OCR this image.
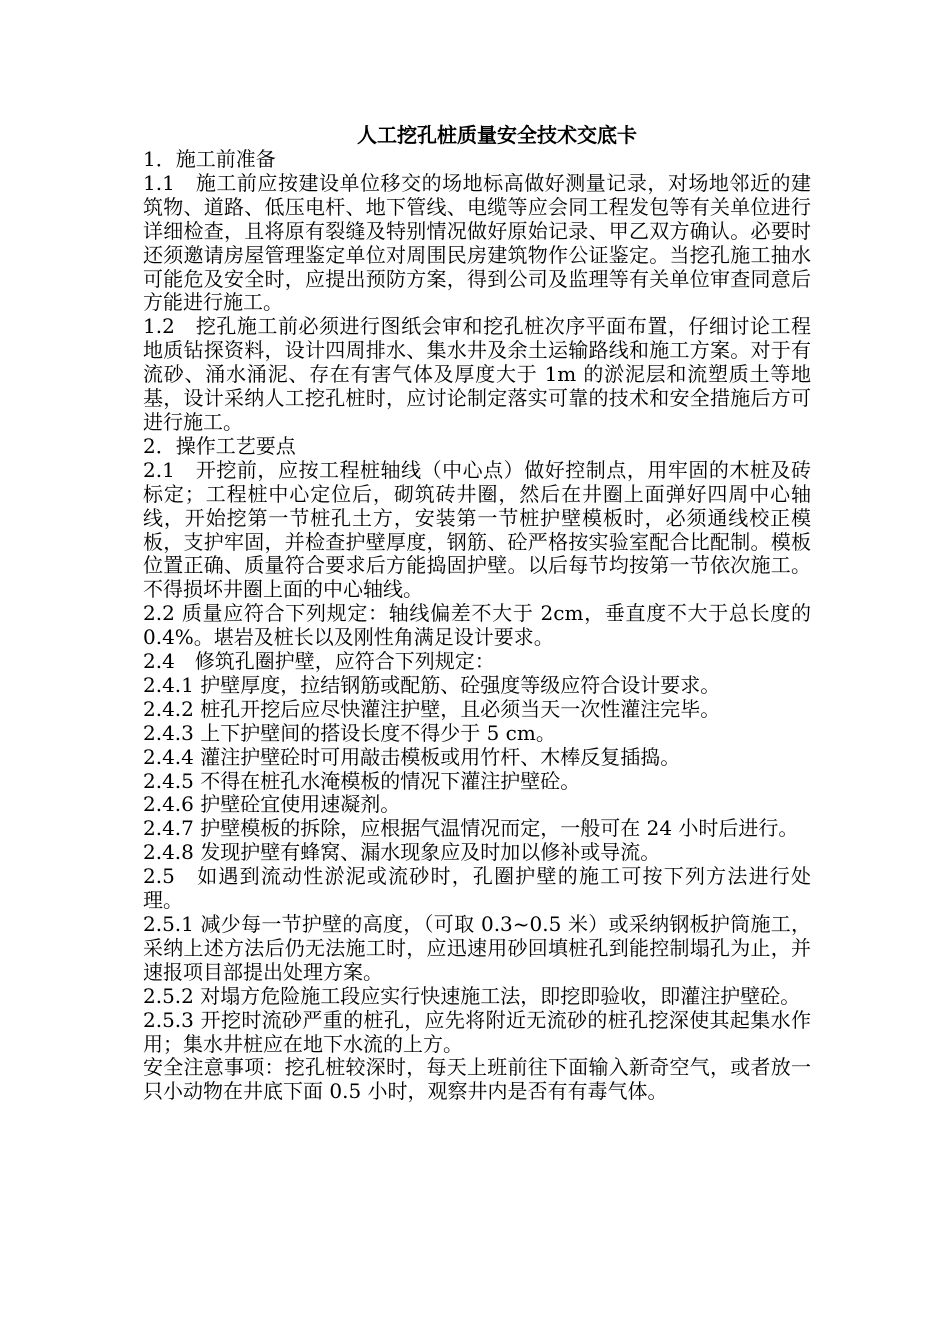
人工挖孔桩质量安全技术交底卡

1．施工前准备

1.1　施工前应按建设单位移交的场地标高做好测量记录，对场地邻近的建筑物、道路、低压电杆、地下管线、电缆等应会同工程发包等有关单位进行详细检查，且将原有裂缝及特别情况做好原始记录、甲乙双方确认。必要时还须邀请房屋管理鉴定单位对周围民房建筑物作公证鉴定。当挖孔施工抽水可能危及安全时，应提出预防方案，得到公司及监理等有关单位审查同意后方能进行施工。

1.2　挖孔施工前必须进行图纸会审和挖孔桩次序平面布置，仔细讨论工程地质钻探资料，设计四周排水、集水井及余土运输路线和施工方案。对于有流砂、涌水涌泥、存在有害气体及厚度大于 1m 的淤泥层和流塑质土等地基，设计采纳人工挖孔桩时，应讨论制定落实可靠的技术和安全措施后方可进行施工。

2．操作工艺要点

2.1　开挖前，应按工程桩轴线（中心点）做好控制点，用牢固的木桩及砖标定；工程桩中心定位后，砌筑砖井圈，然后在井圈上面弹好四周中心轴线，开始挖第一节桩孔土方，安装第一节桩护壁模板时，必须通线校正模板，支护牢固，并检查护壁厚度，钢筋、砼严格按实验室配合比配制。模板位置正确、质量符合要求后方能捣固护壁。以后每节均按第一节依次施工。不得损坏井圈上面的中心轴线。

2.2 质量应符合下列规定：轴线偏差不大于 2cm，垂直度不大于总长度的 0.4%。堪岩及桩长以及刚性角满足设计要求。

2.4　修筑孔圈护壁，应符合下列规定：

2.4.1 护壁厚度，拉结钢筋或配筋、砼强度等级应符合设计要求。

2.4.2 桩孔开挖后应尽快灌注护壁，且必须当天一次性灌注完毕。

2.4.3 上下护壁间的搭设长度不得少于 5 cm。

2.4.4 灌注护壁砼时可用敲击模板或用竹杆、木棒反复插捣。

2.4.5 不得在桩孔水淹模板的情况下灌注护壁砼。

2.4.6 护壁砼宜使用速凝剂。

2.4.7 护壁模板的拆除，应根据气温情况而定，一般可在 24 小时后进行。

2.4.8 发现护壁有蜂窝、漏水现象应及时加以修补或导流。

2.5　如遇到流动性淤泥或流砂时，孔圈护壁的施工可按下列方法进行处理。

2.5.1 减少每一节护壁的高度，（可取 0.3~0.5 米）或采纳钢板护筒施工，采纳上述方法后仍无法施工时，应迅速用砂回填桩孔到能控制塌孔为止，并速报项目部提出处理方案。

2.5.2 对塌方危险施工段应实行快速施工法，即挖即验收，即灌注护壁砼。

2.5.3 开挖时流砂严重的桩孔，应先将附近无流砂的桩孔挖深使其起集水作用；集水井桩应在地下水流的上方。

安全注意事项：挖孔桩较深时，每天上班前往下面输入新奇空气，或者放一只小动物在井底下面 0.5 小时，观察井内是否有有毒气体。
